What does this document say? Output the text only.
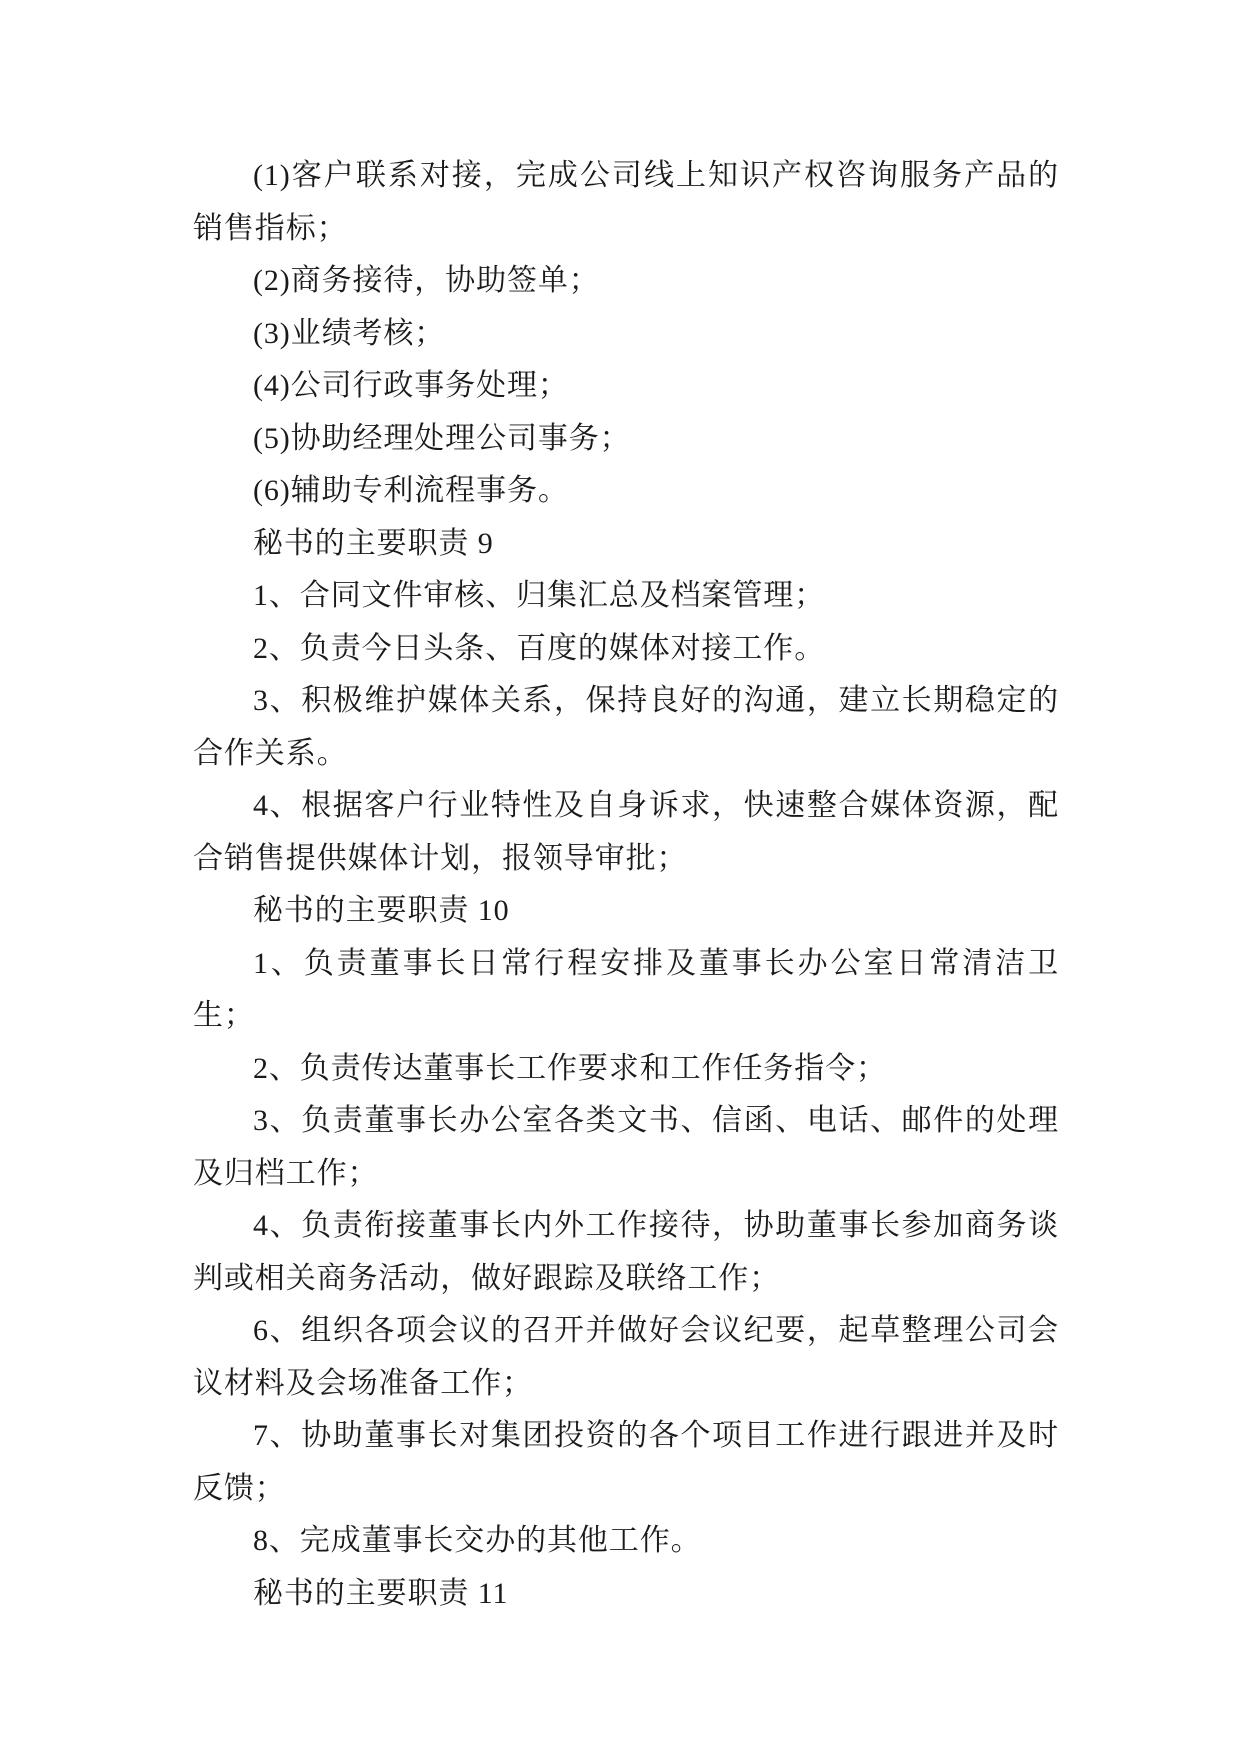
(1)客户联系对接，完成公司线上知识产权咨询服务产品的销售指标；

(2)商务接待，协助签单；

(3)业绩考核；

(4)公司行政事务处理；

(5)协助经理处理公司事务；

(6)辅助专利流程事务。

秘书的主要职责 9

1、合同文件审核、归集汇总及档案管理；

2、负责今日头条、百度的媒体对接工作。

3、积极维护媒体关系，保持良好的沟通，建立长期稳定的合作关系。

4、根据客户行业特性及自身诉求，快速整合媒体资源，配合销售提供媒体计划，报领导审批；

秘书的主要职责 10

1、负责董事长日常行程安排及董事长办公室日常清洁卫生；

2、负责传达董事长工作要求和工作任务指令；

3、负责董事长办公室各类文书、信函、电话、邮件的处理及归档工作；

4、负责衔接董事长内外工作接待，协助董事长参加商务谈判或相关商务活动，做好跟踪及联络工作；

6、组织各项会议的召开并做好会议纪要，起草整理公司会议材料及会场准备工作；

7、协助董事长对集团投资的各个项目工作进行跟进并及时反馈；

8、完成董事长交办的其他工作。

秘书的主要职责 11
